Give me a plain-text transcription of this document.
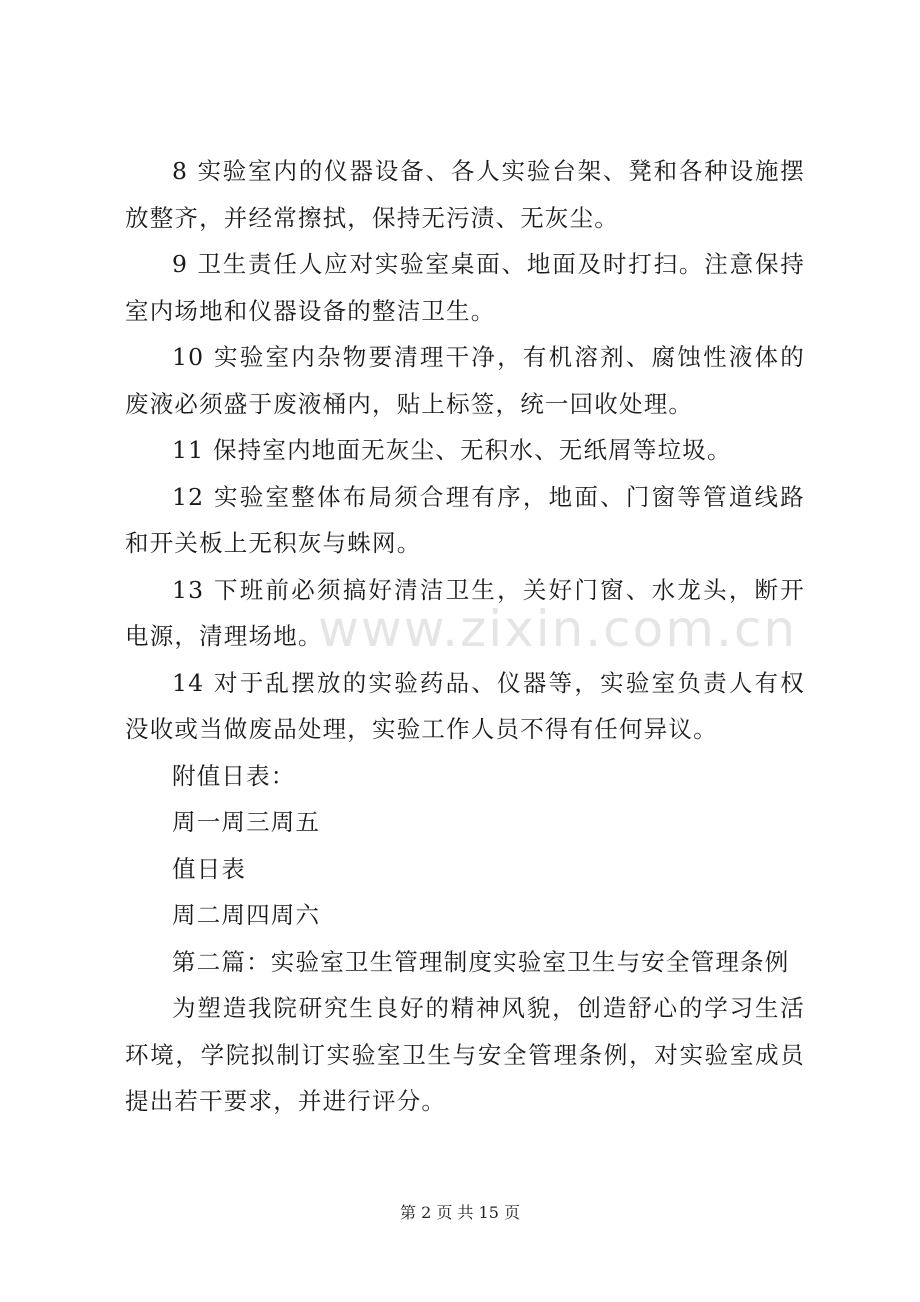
8 实验室内的仪器设备、各人实验台架、凳和各种设施摆放整齐，并经常擦拭，保持无污渍、无灰尘。

9 卫生责任人应对实验室桌面、地面及时打扫。注意保持室内场地和仪器设备的整洁卫生。

10 实验室内杂物要清理干净，有机溶剂、腐蚀性液体的废液必须盛于废液桶内，贴上标签，统一回收处理。

11 保持室内地面无灰尘、无积水、无纸屑等垃圾。

12 实验室整体布局须合理有序，地面、门窗等管道线路和开关板上无积灰与蛛网。

13 下班前必须搞好清洁卫生，关好门窗、水龙头，断开电源，清理场地。

14 对于乱摆放的实验药品、仪器等，实验室负责人有权没收或当做废品处理，实验工作人员不得有任何异议。

附值日表：

周一周三周五

值日表

周二周四周六

第二篇：实验室卫生管理制度实验室卫生与安全管理条例

为塑造我院研究生良好的精神风貌，创造舒心的学习生活环境，学院拟制订实验室卫生与安全管理条例，对实验室成员提出若干要求，并进行评分。

www.zixin.com.cn
第 2 页 共 15 页
